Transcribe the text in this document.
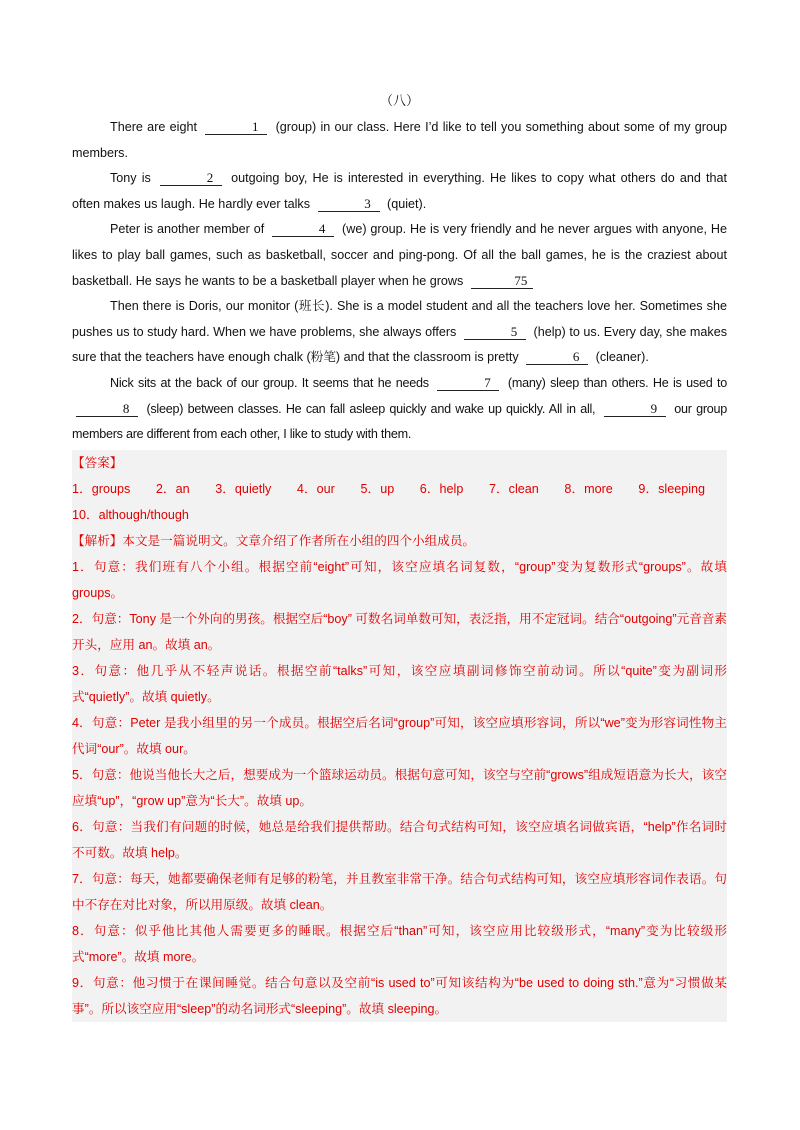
（八）

There are eight	1 (group) in our class. Here I’d like to tell you something about some of my group members.

Tony is	2 outgoing boy, He is interested in everything. He likes to copy what others do and that often makes us laugh. He hardly ever talks	3 (quiet).

Peter is another member of	4 (we) group. He is very friendly and he never argues with anyone, He likes to play ball games, such as basketball, soccer and ping-pong. Of all the ball games, he is the craziest about basketball. He says he wants to be a basketball player when he grows	75

Then there is Doris, our monitor (班长). She is a model student and all the teachers love her. Sometimes she pushes us to study hard. When we have problems, she always offers	5 (help) to us. Every day, she makes sure that the teachers have enough chalk (粉笔) and that the classroom is pretty	6 (cleaner).

Nick sits at the back of our group. It seems that he needs	7 (many) sleep than others. He is used to 8 (sleep) between classes. He can fall asleep quickly and wake up quickly. All in all,	9 our group members are different from each other, I like to study with them.

【答案】

1．groups 2．an 3．quietly 4．our 5．up 6．help 7．clean 8．more 9．sleeping 10．although/though

【解析】本文是一篇说明文。文章介绍了作者所在小组的四个小组成员。

1．句意：我们班有八个小组。根据空前“eight”可知，该空应填名词复数，“group”变为复数形式“groups”。故填 groups。

2．句意：Tony 是一个外向的男孩。根据空后“boy” 可数名词单数可知，表泛指，用不定冠词。结合“outgoing”元音音素开头，应用 an。故填 an。

3．句意：他几乎从不轻声说话。根据空前“talks”可知，该空应填副词修饰空前动词。所以“quite”变为副词形式“quietly”。故填 quietly。

4．句意：Peter 是我小组里的另一个成员。根据空后名词“group”可知，该空应填形容词，所以“we”变为形容词性物主代词“our”。故填 our。

5．句意：他说当他长大之后，想要成为一个篮球运动员。根据句意可知，该空与空前“grows”组成短语意为长大，该空应填“up”，“grow up”意为“长大”。故填 up。

6．句意：当我们有问题的时候，她总是给我们提供帮助。结合句式结构可知，该空应填名词做宾语，“help”作名词时不可数。故填 help。

7．句意：每天，她都要确保老师有足够的粉笔，并且教室非常干净。结合句式结构可知，该空应填形容词作表语。句中不存在对比对象，所以用原级。故填 clean。

8．句意：似乎他比其他人需要更多的睡眠。根据空后“than”可知，该空应用比较级形式，“many”变为比较级形式“more”。故填 more。

9．句意：他习惯于在课间睡觉。结合句意以及空前“is used to”可知该结构为“be used to doing sth.”意为“习惯做某事”。所以该空应用“sleep”的动名词形式“sleeping”。故填 sleeping。
